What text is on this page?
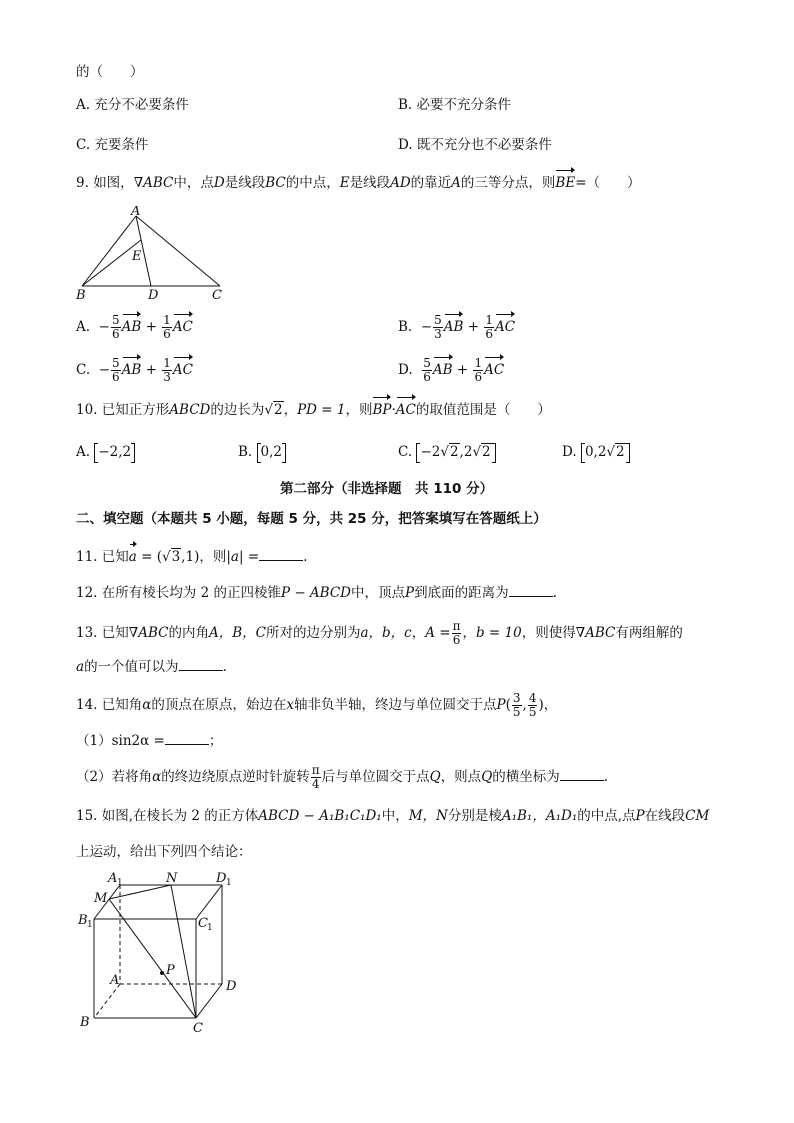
的（　　）
A. 充分不必要条件	B. 必要不充分条件
C. 充要条件	D. 既不充分也不必要条件
9. 如图，∇ABC中，点D是线段BC的中点，E是线段AD的靠近A的三等分点，则BE=（　　）
A
B	C
D
E
A. − $\frac{5}{6}$ AB + $\frac{1}{6}$ AC	B. − $\frac{5}{3}$ AB + $\frac{1}{6}$ AC
C. − $\frac{5}{6}$ AB + $\frac{1}{3}$ AC	D. $\frac{5}{6}$ AB + $\frac{1}{6}$ AC
10. 已知正方形ABCD的边长为√2，PD = 1，则BP·AC的取值范围是（　　）
A. −2,2	B. 0,2	C. −2√2,2√2	D. 0,2√2
第二部分（非选择题　共 110 分）
二、填空题（本题共 5 小题，每题 5 分，共 25 分，把答案填写在答题纸上）
11. 已知a = (√3,1)，则|a| =	.
12. 在所有棱长均为 2 的正四棱锥P − ABCD中，顶点P到底面的距离为	.
13. 已知∇ABC的内角A，B，C所对的边分别为a，b，c，$A = \frac{\pi}{6}$ ，b = 10，则使得∇ABC有两组解的
a的一个值可以为	.
14. 已知角α的顶点在原点，始边在x轴非负半轴，终边与单位圆交于点$P( \frac{3}{5}$ , $\frac{4}{5}$ )，
（1）sin2α =	；
（2）若将角α的终边绕原点逆时针旋转 $\frac{\pi}{4}$ 后与单位圆交于点Q，则点Q的横坐标为	.
15. 如图,在棱长为 2 的正方体ABCD − A₁B₁C₁D₁中，M，N分别是棱A₁B₁，A₁D₁的中点,点P在线段CM
上运动，给出下列四个结论：
A 1	N	D 1
M
B 1	C 1
P
A	D
B	C
